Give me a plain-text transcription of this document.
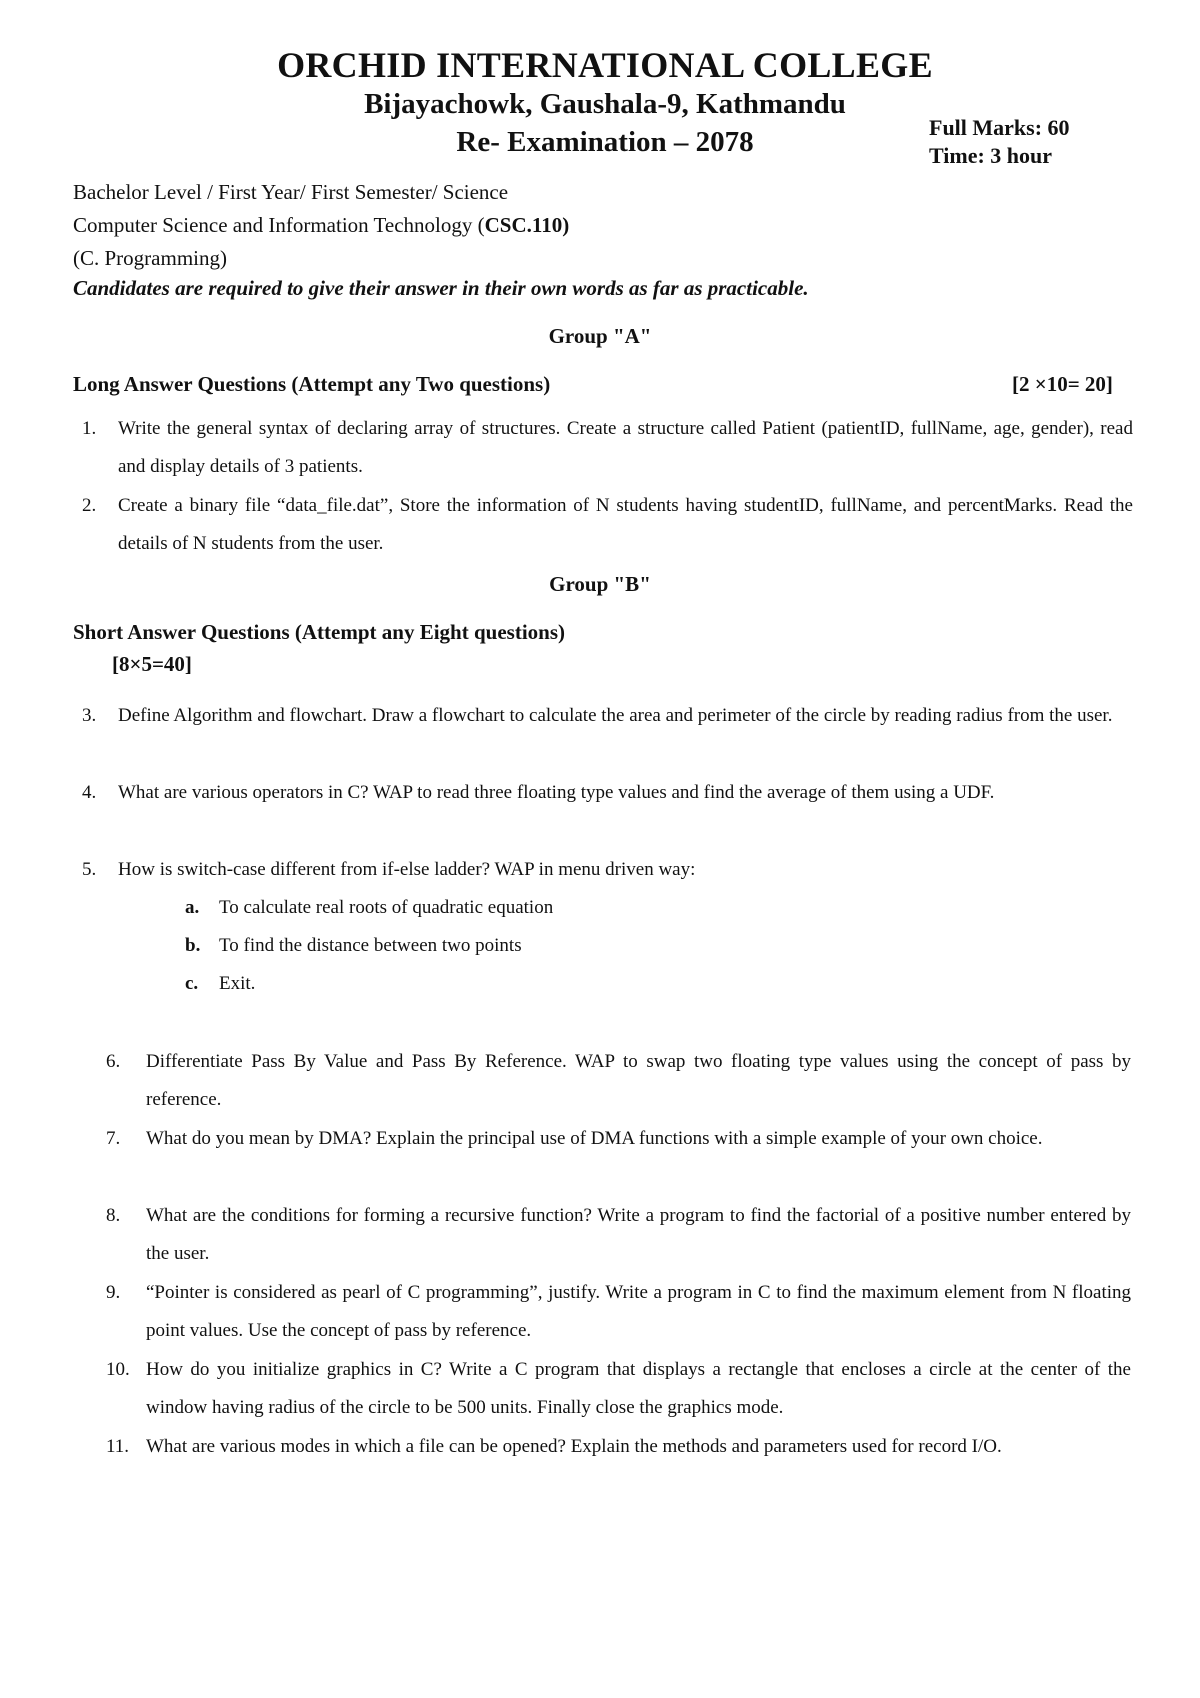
ORCHID INTERNATIONAL COLLEGE
Bijayachowk, Gaushala-9, Kathmandu
Re- Examination – 2078	Full Marks: 60
Time: 3 hour
Bachelor Level / First Year/ First Semester/ Science
Computer Science and Information Technology (CSC.110)
(C. Programming)
Candidates are required to give their answer in their own words as far as practicable.
Group "A"
Long Answer Questions (Attempt any Two questions)	[2 ×10= 20]
1.	Write the general syntax of declaring array of structures. Create a structure called Patient (patientID, fullName, age, gender), read and display details of 3 patients.
2.	Create a binary file “data_file.dat”, Store the information of N students having studentID, fullName, and percentMarks. Read the details of N students from the user.
Group "B"
Short Answer Questions (Attempt any Eight questions)
[8×5=40]
3.	Define Algorithm and flowchart. Draw a flowchart to calculate the area and perimeter of the circle by reading radius from the user.
4.	What are various operators in C? WAP to read three floating type values and find the average of them using a UDF.
5.	How is switch-case different from if-else ladder? WAP in menu driven way:
a. To calculate real roots of quadratic equation
b. To find the distance between two points
c. Exit.
6.	Differentiate Pass By Value and Pass By Reference. WAP to swap two floating type values using the concept of pass by reference.
7.	What do you mean by DMA? Explain the principal use of DMA functions with a simple example of your own choice.
8.	What are the conditions for forming a recursive function? Write a program to find the factorial of a positive number entered by the user.
9.	“Pointer is considered as pearl of C programming”, justify. Write a program in C to find the maximum element from N floating point values. Use the concept of pass by reference.
10. How do you initialize graphics in C? Write a C program that displays a rectangle that encloses a circle at the center of the window having radius of the circle to be 500 units. Finally close the graphics mode.
11. What are various modes in which a file can be opened? Explain the methods and parameters used for record I/O.
